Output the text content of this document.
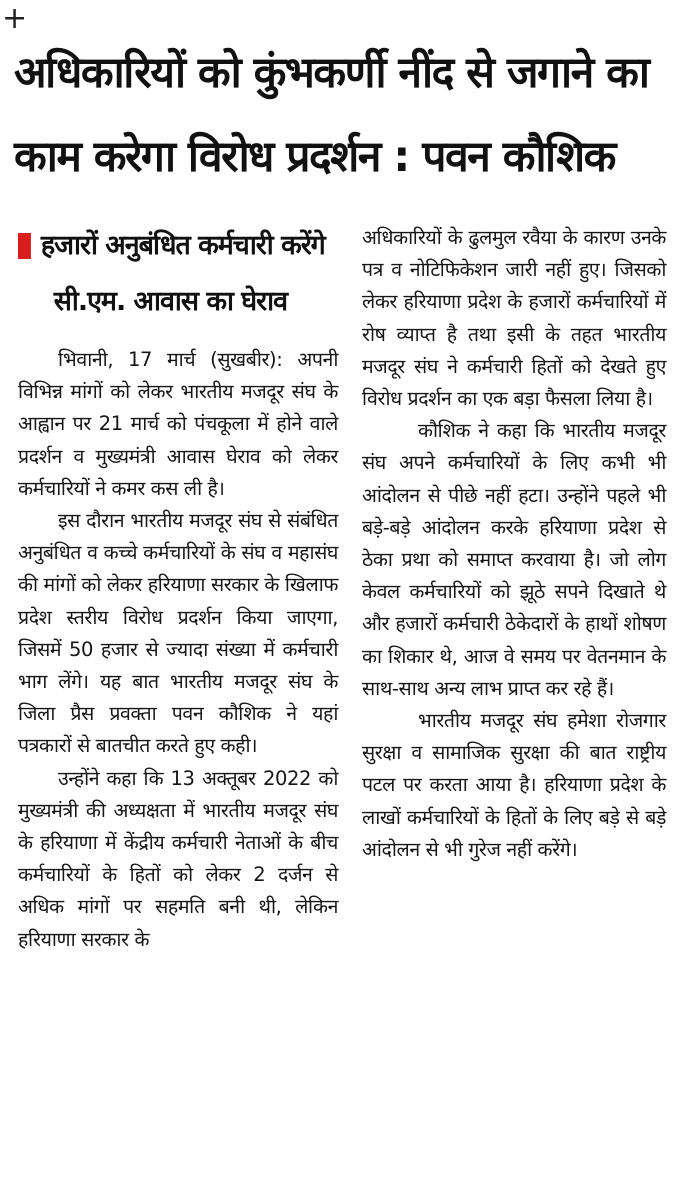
+
अधिकारियों को कुंभकर्णी नींद से जगाने का
काम करेगा विरोध प्रदर्शन : पवन कौशिक
हजारों अनुबंधित कर्मचारी करेंगे
सी.एम. आवास का घेराव

भिवानी, 17 मार्च (सुखबीर): अपनी विभिन्न मांगों को लेकर भारतीय मजदूर संघ के आह्वान पर 21 मार्च को पंचकूला में होने वाले प्रदर्शन व मुख्यमंत्री आवास घेराव को लेकर कर्मचारियों ने कमर कस ली है।

इस दौरान भारतीय मजदूर संघ से संबंधित अनुबंधित व कच्चे कर्मचारियों के संघ व महासंघ की मांगों को लेकर हरियाणा सरकार के खिलाफ प्रदेश स्तरीय विरोध प्रदर्शन किया जाएगा, जिसमें 50 हजार से ज्यादा संख्या में कर्मचारी भाग लेंगे। यह बात भारतीय मजदूर संघ के जिला प्रैस प्रवक्ता पवन कौशिक ने यहां पत्रकारों से बातचीत करते हुए कही।

उन्होंने कहा कि 13 अक्तूबर 2022 को मुख्यमंत्री की अध्यक्षता में भारतीय मजदूर संघ के हरियाणा में केंद्रीय कर्मचारी नेताओं के बीच कर्मचारियों के हितों को लेकर 2 दर्जन से अधिक मांगों पर सहमति बनी थी, लेकिन हरियाणा सरकार के

अधिकारियों के ढुलमुल रवैया के कारण उनके पत्र व नोटिफिकेशन जारी नहीं हुए। जिसको लेकर हरियाणा प्रदेश के हजारों कर्मचारियों में रोष व्याप्त है तथा इसी के तहत भारतीय मजदूर संघ ने कर्मचारी हितों को देखते हुए विरोध प्रदर्शन का एक बड़ा फैसला लिया है।

कौशिक ने कहा कि भारतीय मजदूर संघ अपने कर्मचारियों के लिए कभी भी आंदोलन से पीछे नहीं हटा। उन्होंने पहले भी बड़े-बड़े आंदोलन करके हरियाणा प्रदेश से ठेका प्रथा को समाप्त करवाया है। जो लोग केवल कर्मचारियों को झूठे सपने दिखाते थे और हजारों कर्मचारी ठेकेदारों के हाथों शोषण का शिकार थे, आज वे समय पर वेतनमान के साथ-साथ अन्य लाभ प्राप्त कर रहे हैं।

भारतीय मजदूर संघ हमेशा रोजगार सुरक्षा व सामाजिक सुरक्षा की बात राष्ट्रीय पटल पर करता आया है। हरियाणा प्रदेश के लाखों कर्मचारियों के हितों के लिए बड़े से बड़े आंदोलन से भी गुरेज नहीं करेंगे।
